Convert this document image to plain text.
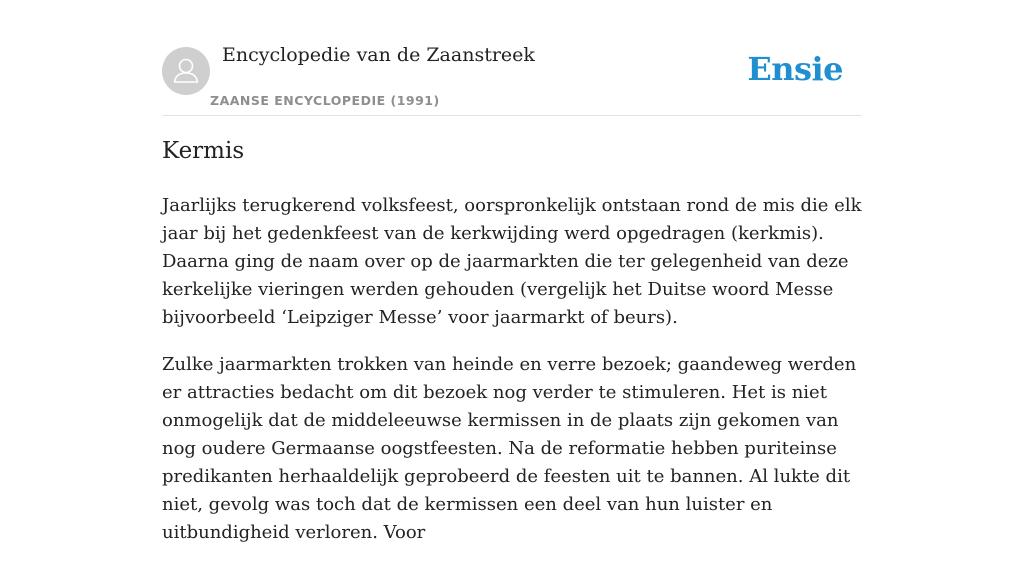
Encyclopedie van de Zaanstreek
ZAANSE ENCYCLOPEDIE (1991)
Ensie
Kermis

Jaarlijks terugkerend volksfeest, oorspronkelijk ontstaan rond de mis die elk jaar bij het gedenkfeest van de kerkwijding werd opgedragen (kerkmis). Daarna ging de naam over op de jaarmarkten die ter gelegenheid van deze kerkelijke vieringen werden gehouden (vergelijk het Duitse woord Messe bijvoorbeeld ‘Leipziger Messe’ voor jaarmarkt of beurs).

Zulke jaarmarkten trokken van heinde en verre bezoek; gaandeweg werden er attracties bedacht om dit bezoek nog verder te stimuleren. Het is niet onmogelijk dat de middeleeuwse kermissen in de plaats zijn gekomen van nog oudere Germaanse oogstfeesten. Na de reformatie hebben puriteinse predikanten herhaaldelijk geprobeerd de feesten uit te bannen. Al lukte dit niet, gevolg was toch dat de kermissen een deel van hun luister en uitbundigheid verloren. Voor
